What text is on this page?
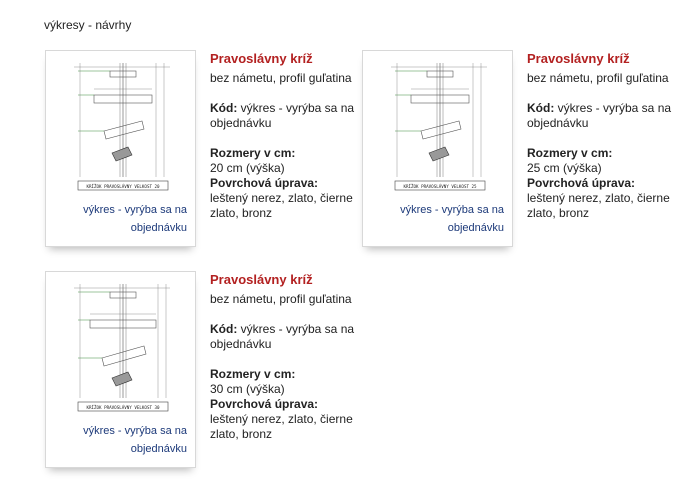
výkresy - návrhy
KRÍŽOK PRAVOSLÁVNY VELKOST 20
výkres - vyrýba sa na objednávku
Pravoslávny kríž
bez námetu, profil guľatina
Kód: výkres - vyrýba sa na objednávku
Rozmery v cm:
20 cm (výška)
Povrchová úprava:
leštený nerez, zlato, čierne zlato, bronz
KRÍŽOK PRAVOSLÁVNY VELKOST 25
výkres - vyrýba sa na objednávku
Pravoslávny kríž
bez námetu, profil guľatina
Kód: výkres - vyrýba sa na objednávku
Rozmery v cm:
25 cm (výška)
Povrchová úprava:
leštený nerez, zlato, čierne zlato, bronz
KRÍŽOK PRAVOSLÁVNY VELKOST 30
výkres - vyrýba sa na objednávku
Pravoslávny kríž
bez námetu, profil guľatina
Kód: výkres - vyrýba sa na objednávku
Rozmery v cm:
30 cm (výška)
Povrchová úprava:
leštený nerez, zlato, čierne zlato, bronz
